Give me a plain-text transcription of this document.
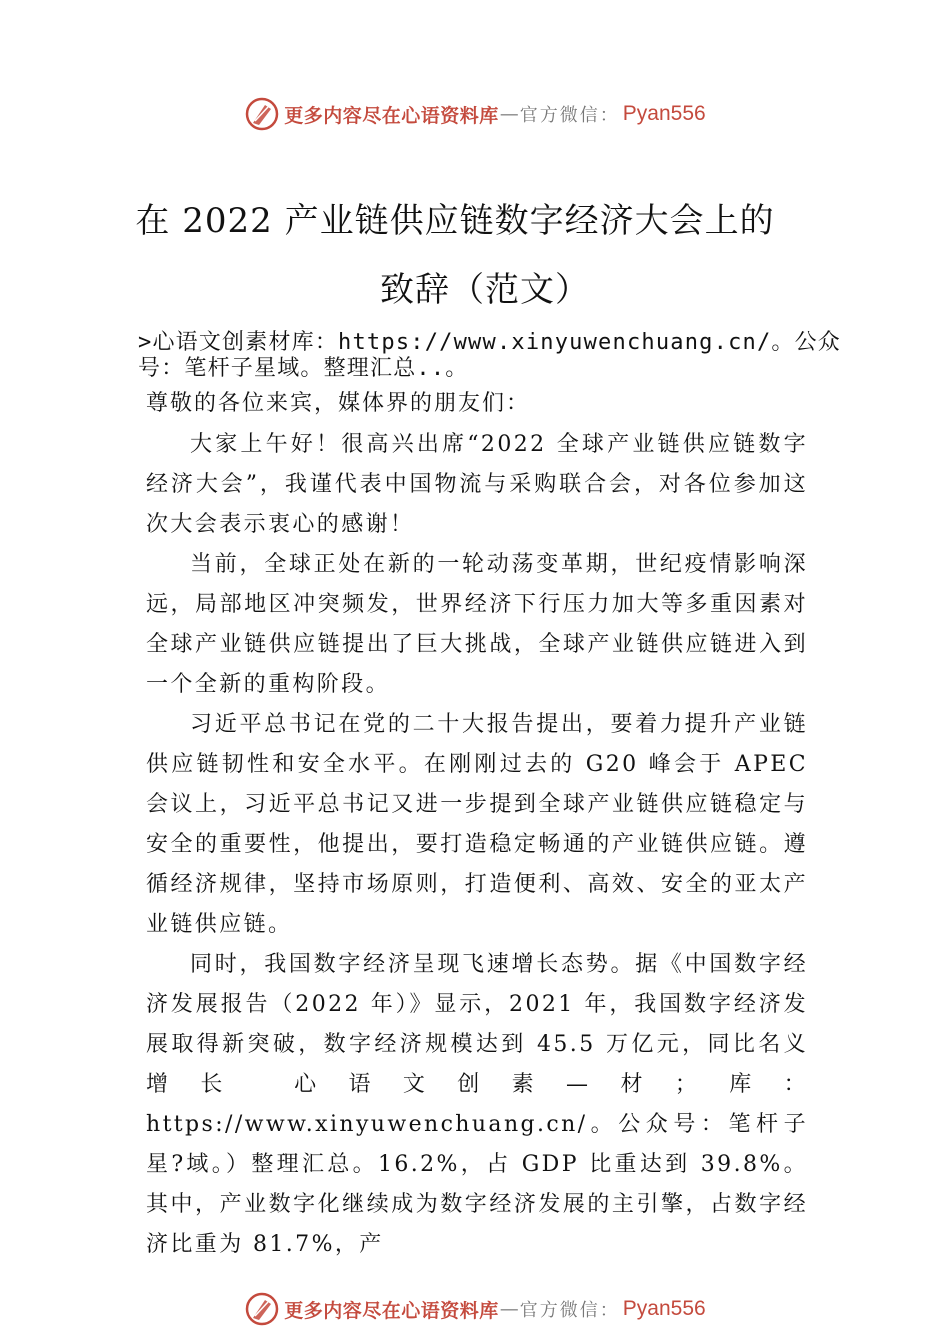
更多内容尽在心语资料库 — 官方微信： Pyan556
在 2022 产业链供应链数字经济大会上的
致辞（范文）

>心语文创素材库：https://www.xinyuwenchuang.cn/。公众号：笔杆子星域。整理汇总..。

尊敬的各位来宾，媒体界的朋友们：

大家上午好！很高兴出席“2022 全球产业链供应链数字经济大会”，我谨代表中国物流与采购联合会，对各位参加这次大会表示衷心的感谢！

当前，全球正处在新的一轮动荡变革期，世纪疫情影响深远，局部地区冲突频发，世界经济下行压力加大等多重因素对全球产业链供应链提出了巨大挑战，全球产业链供应链进入到一个全新的重构阶段。

习近平总书记在党的二十大报告提出，要着力提升产业链供应链韧性和安全水平。在刚刚过去的 G20 峰会于 APEC 会议上，习近平总书记又进一步提到全球产业链供应链稳定与安全的重要性，他提出，要打造稳定畅通的产业链供应链。遵循经济规律，坚持市场原则，打造便利、高效、安全的亚太产业链供应链。

同时，我国数字经济呈现飞速增长态势。据《中国数字经济发展报告（2022 年）》显示，2021 年，我国数字经济发展取得新突破，数字经济规模达到 45.5 万亿元，同比名义增长 心语文创素—材；库：https://www.xinyuwenchuang.cn/。公众号：笔杆子星?域。）整理汇总。16.2%，占 GDP 比重达到 39.8%。其中，产业数字化继续成为数字经济发展的主引擎，占数字经济比重为 81.7%，产

更多内容尽在心语资料库 — 官方微信： Pyan556
